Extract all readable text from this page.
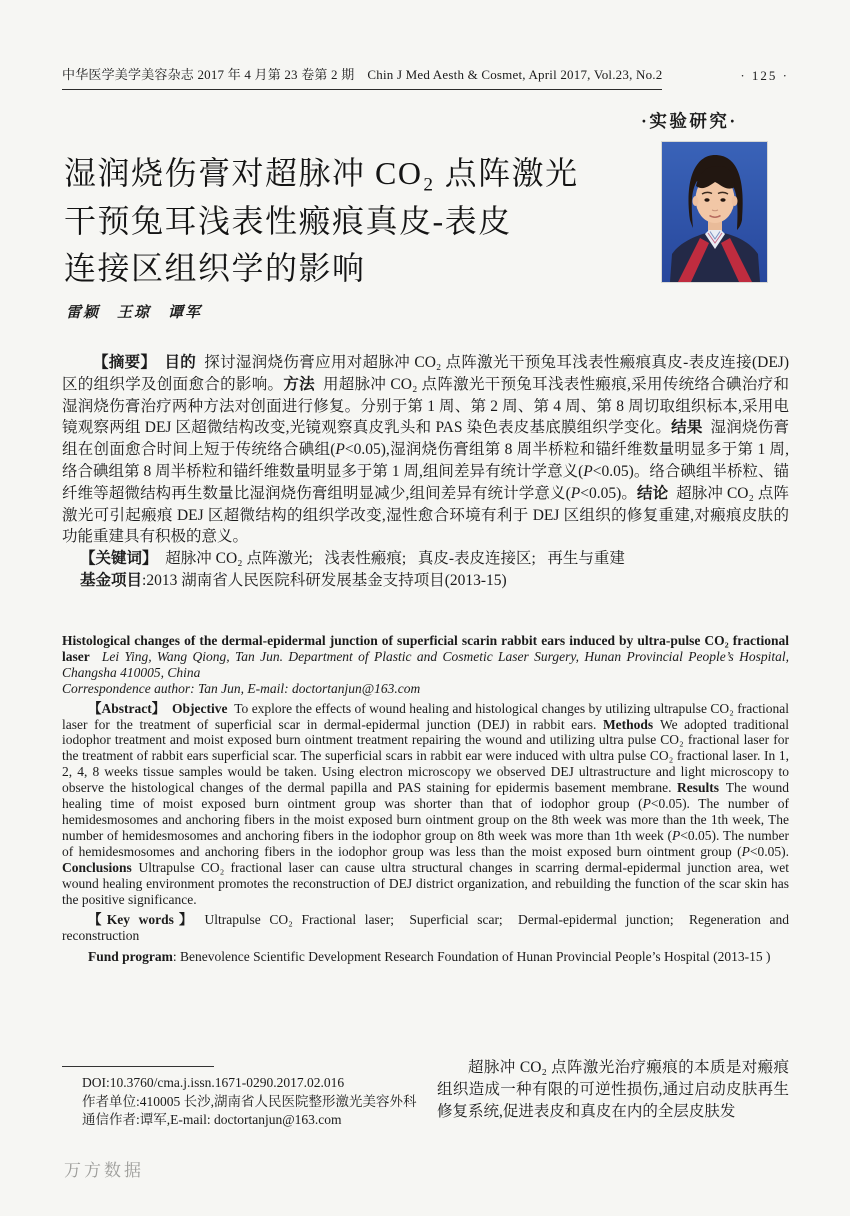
中华医学美学美容杂志 2017 年 4 月第 23 卷第 2 期 Chin J Med Aesth & Cosmet, April 2017, Vol.23, No.2	· 125 ·
·实验研究·
湿润烧伤膏对超脉冲 CO₂ 点阵激光
干预兔耳浅表性瘢痕真皮-表皮
连接区组织学的影响
雷颖　王琼　谭军

【摘要】 目的 探讨湿润烧伤膏应用对超脉冲 CO₂ 点阵激光干预兔耳浅表性瘢痕真皮-表皮连接(DEJ)区的组织学及创面愈合的影响。方法 用超脉冲 CO₂ 点阵激光干预兔耳浅表性瘢痕,采用传统络合碘治疗和湿润烧伤膏治疗两种方法对创面进行修复。分别于第 1 周、第 2 周、第 4 周、第 8 周切取组织标本,采用电镜观察两组 DEJ 区超微结构改变,光镜观察真皮乳头和 PAS 染色表皮基底膜组织学变化。结果 湿润烧伤膏组在创面愈合时间上短于传统络合碘组(P<0.05),湿润烧伤膏组第 8 周半桥粒和锚纤维数量明显多于第 1 周,络合碘组第 8 周半桥粒和锚纤维数量明显多于第 1 周,组间差异有统计学意义(P<0.05)。络合碘组半桥粒、锚纤维等超微结构再生数量比湿润烧伤膏组明显减少,组间差异有统计学意义(P<0.05)。结论 超脉冲 CO₂ 点阵激光可引起瘢痕 DEJ 区超微结构的组织学改变,湿性愈合环境有利于 DEJ 区组织的修复重建,对瘢痕皮肤的功能重建具有积极的意义。

【关键词】 超脉冲 CO₂ 点阵激光;  浅表性瘢痕;  真皮-表皮连接区;  再生与重建

基金项目:2013 湖南省人民医院科研发展基金支持项目(2013-15)

Histological changes of the dermal-epidermal junction of superficial scarin rabbit ears induced by ultra-pulse CO₂ fractional laser  Lei Ying, Wang Qiong, Tan Jun. Department of Plastic and Cosmetic Laser Surgery, Hunan Provincial People’s Hospital, Changsha 410005, China

Correspondence author: Tan Jun, E-mail: doctortanjun@163.com

【Abstract】 Objective To explore the effects of wound healing and histological changes by utilizing ultrapulse CO₂ fractional laser for the treatment of superficial scar in dermal-epidermal junction (DEJ) in rabbit ears. Methods We adopted traditional iodophor treatment and moist exposed burn ointment treatment repairing the wound and utilizing ultra pulse CO₂ fractional laser for the treatment of rabbit ears superficial scar. The superficial scars in rabbit ear were induced with ultra pulse CO₂ fractional laser. In 1, 2, 4, 8 weeks tissue samples would be taken. Using electron microscopy we observed DEJ ultrastructure and light microscopy to observe the histological changes of the dermal papilla and PAS staining for epidermis basement membrane. Results The wound healing time of moist exposed burn ointment group was shorter than that of iodophor group (P<0.05). The number of hemidesmosomes and anchoring fibers in the moist exposed burn ointment group on the 8th week was more than the 1th week, The number of hemidesmosomes and anchoring fibers in the iodophor group on 8th week was more than 1th week (P<0.05). The number of hemidesmosomes and anchoring fibers in the iodophor group was less than the moist exposed burn ointment group (P<0.05). Conclusions Ultrapulse CO₂ fractional laser can cause ultra structural changes in scarring dermal-epidermal junction area, wet wound healing environment promotes the reconstruction of DEJ district organization, and rebuilding the function of the scar skin has the positive significance.

【Key words】 Ultrapulse CO₂ Fractional laser;  Superficial scar;  Dermal-epidermal junction;  Regeneration and reconstruction

Fund program: Benevolence Scientific Development Research Foundation of Hunan Provincial People’s Hospital (2013-15 )

DOI:10.3760/cma.j.issn.1671-0290.2017.02.016
作者单位:410005 长沙,湖南省人民医院整形激光美容外科
通信作者:谭军,E-mail: doctortanjun@163.com

超脉冲 CO₂ 点阵激光治疗瘢痕的本质是对瘢痕组织造成一种有限的可逆性损伤,通过启动皮肤再生修复系统,促进表皮和真皮在内的全层皮肤发

万方数据
